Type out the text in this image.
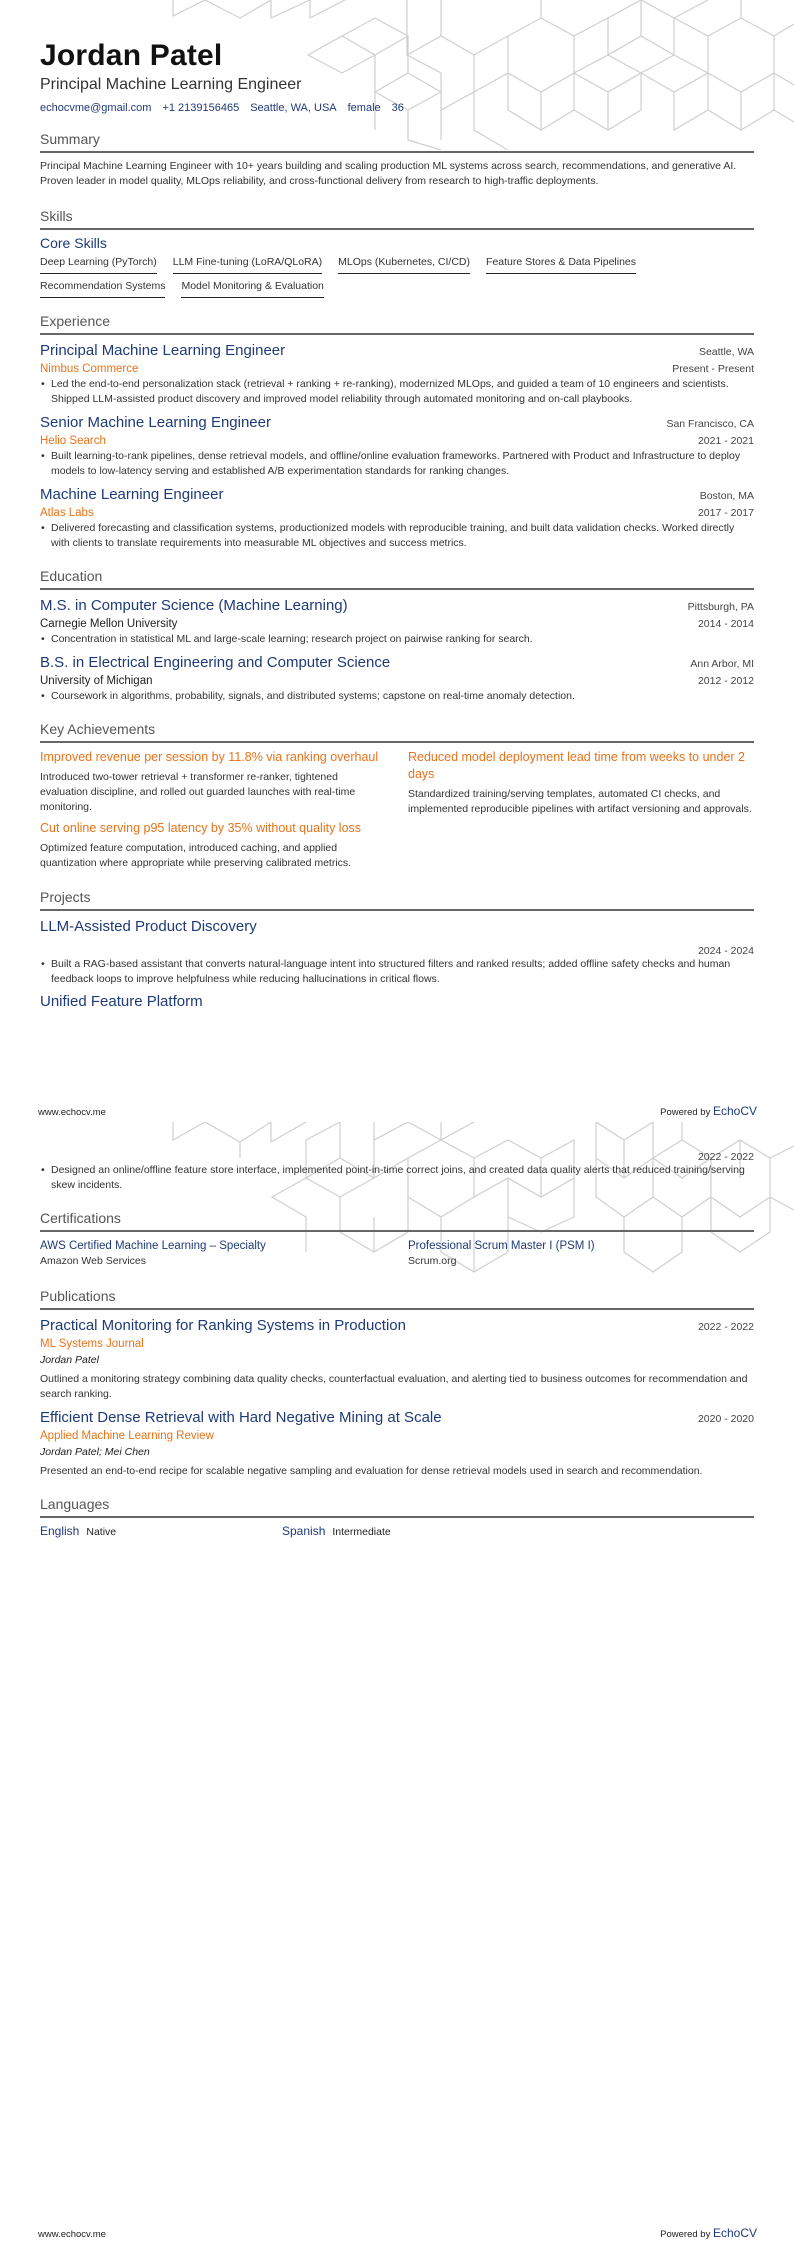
Jordan Patel
Principal Machine Learning Engineer
echocvme@gmail.com +1 2139156465 Seattle, WA, USA female 36
Summary

Principal Machine Learning Engineer with 10+ years building and scaling production ML systems across search, recommendations, and generative AI. Proven leader in model quality, MLOps reliability, and cross-functional delivery from research to high-traffic deployments.

Skills
Core Skills
Deep Learning (PyTorch) LLM Fine-tuning (LoRA/QLoRA) MLOps (Kubernetes, CI/CD) Feature Stores & Data Pipelines
Recommendation Systems Model Monitoring & Evaluation
Experience
Principal Machine Learning Engineer	Seattle, WA
Nimbus Commerce	Present - Present
• Led the end-to-end personalization stack (retrieval + ranking + re-ranking), modernized MLOps, and guided a team of 10 engineers and scientists. Shipped LLM-assisted product discovery and improved model reliability through automated monitoring and on-call playbooks.
Senior Machine Learning Engineer	San Francisco, CA
Helio Search	2021 - 2021
• Built learning-to-rank pipelines, dense retrieval models, and offline/online evaluation frameworks. Partnered with Product and Infrastructure to deploy models to low-latency serving and established A/B experimentation standards for ranking changes.
Machine Learning Engineer	Boston, MA
Atlas Labs	2017 - 2017
• Delivered forecasting and classification systems, productionized models with reproducible training, and built data validation checks. Worked directly with clients to translate requirements into measurable ML objectives and success metrics.
Education
M.S. in Computer Science (Machine Learning)	Pittsburgh, PA
Carnegie Mellon University	2014 - 2014
• Concentration in statistical ML and large-scale learning; research project on pairwise ranking for search.
B.S. in Electrical Engineering and Computer Science	Ann Arbor, MI
University of Michigan	2012 - 2012
• Coursework in algorithms, probability, signals, and distributed systems; capstone on real-time anomaly detection.
Key Achievements
Improved revenue per session by 11.8% via ranking overhaul
Introduced two-tower retrieval + transformer re-ranker, tightened evaluation discipline, and rolled out guarded launches with real-time monitoring.
Cut online serving p95 latency by 35% without quality loss
Optimized feature computation, introduced caching, and applied quantization where appropriate while preserving calibrated metrics.
Reduced model deployment lead time from weeks to under 2 days
Standardized training/serving templates, automated CI checks, and implemented reproducible pipelines with artifact versioning and approvals.
Projects
LLM-Assisted Product Discovery
2024 - 2024
• Built a RAG-based assistant that converts natural-language intent into structured filters and ranked results; added offline safety checks and human feedback loops to improve helpfulness while reducing hallucinations in critical flows.
Unified Feature Platform
www.echocv.me	Powered by EchoCV
2022 - 2022
• Designed an online/offline feature store interface, implemented point-in-time correct joins, and created data quality alerts that reduced training/serving skew incidents.
Certifications
AWS Certified Machine Learning – Specialty
Amazon Web Services
Professional Scrum Master I (PSM I)
Scrum.org
Publications
Practical Monitoring for Ranking Systems in Production	2022 - 2022
ML Systems Journal
Jordan Patel
Outlined a monitoring strategy combining data quality checks, counterfactual evaluation, and alerting tied to business outcomes for recommendation and search ranking.
Efficient Dense Retrieval with Hard Negative Mining at Scale	2020 - 2020
Applied Machine Learning Review
Jordan Patel; Mei Chen
Presented an end-to-end recipe for scalable negative sampling and evaluation for dense retrieval models used in search and recommendation.
Languages
English Native	Spanish Intermediate
www.echocv.me	Powered by EchoCV
